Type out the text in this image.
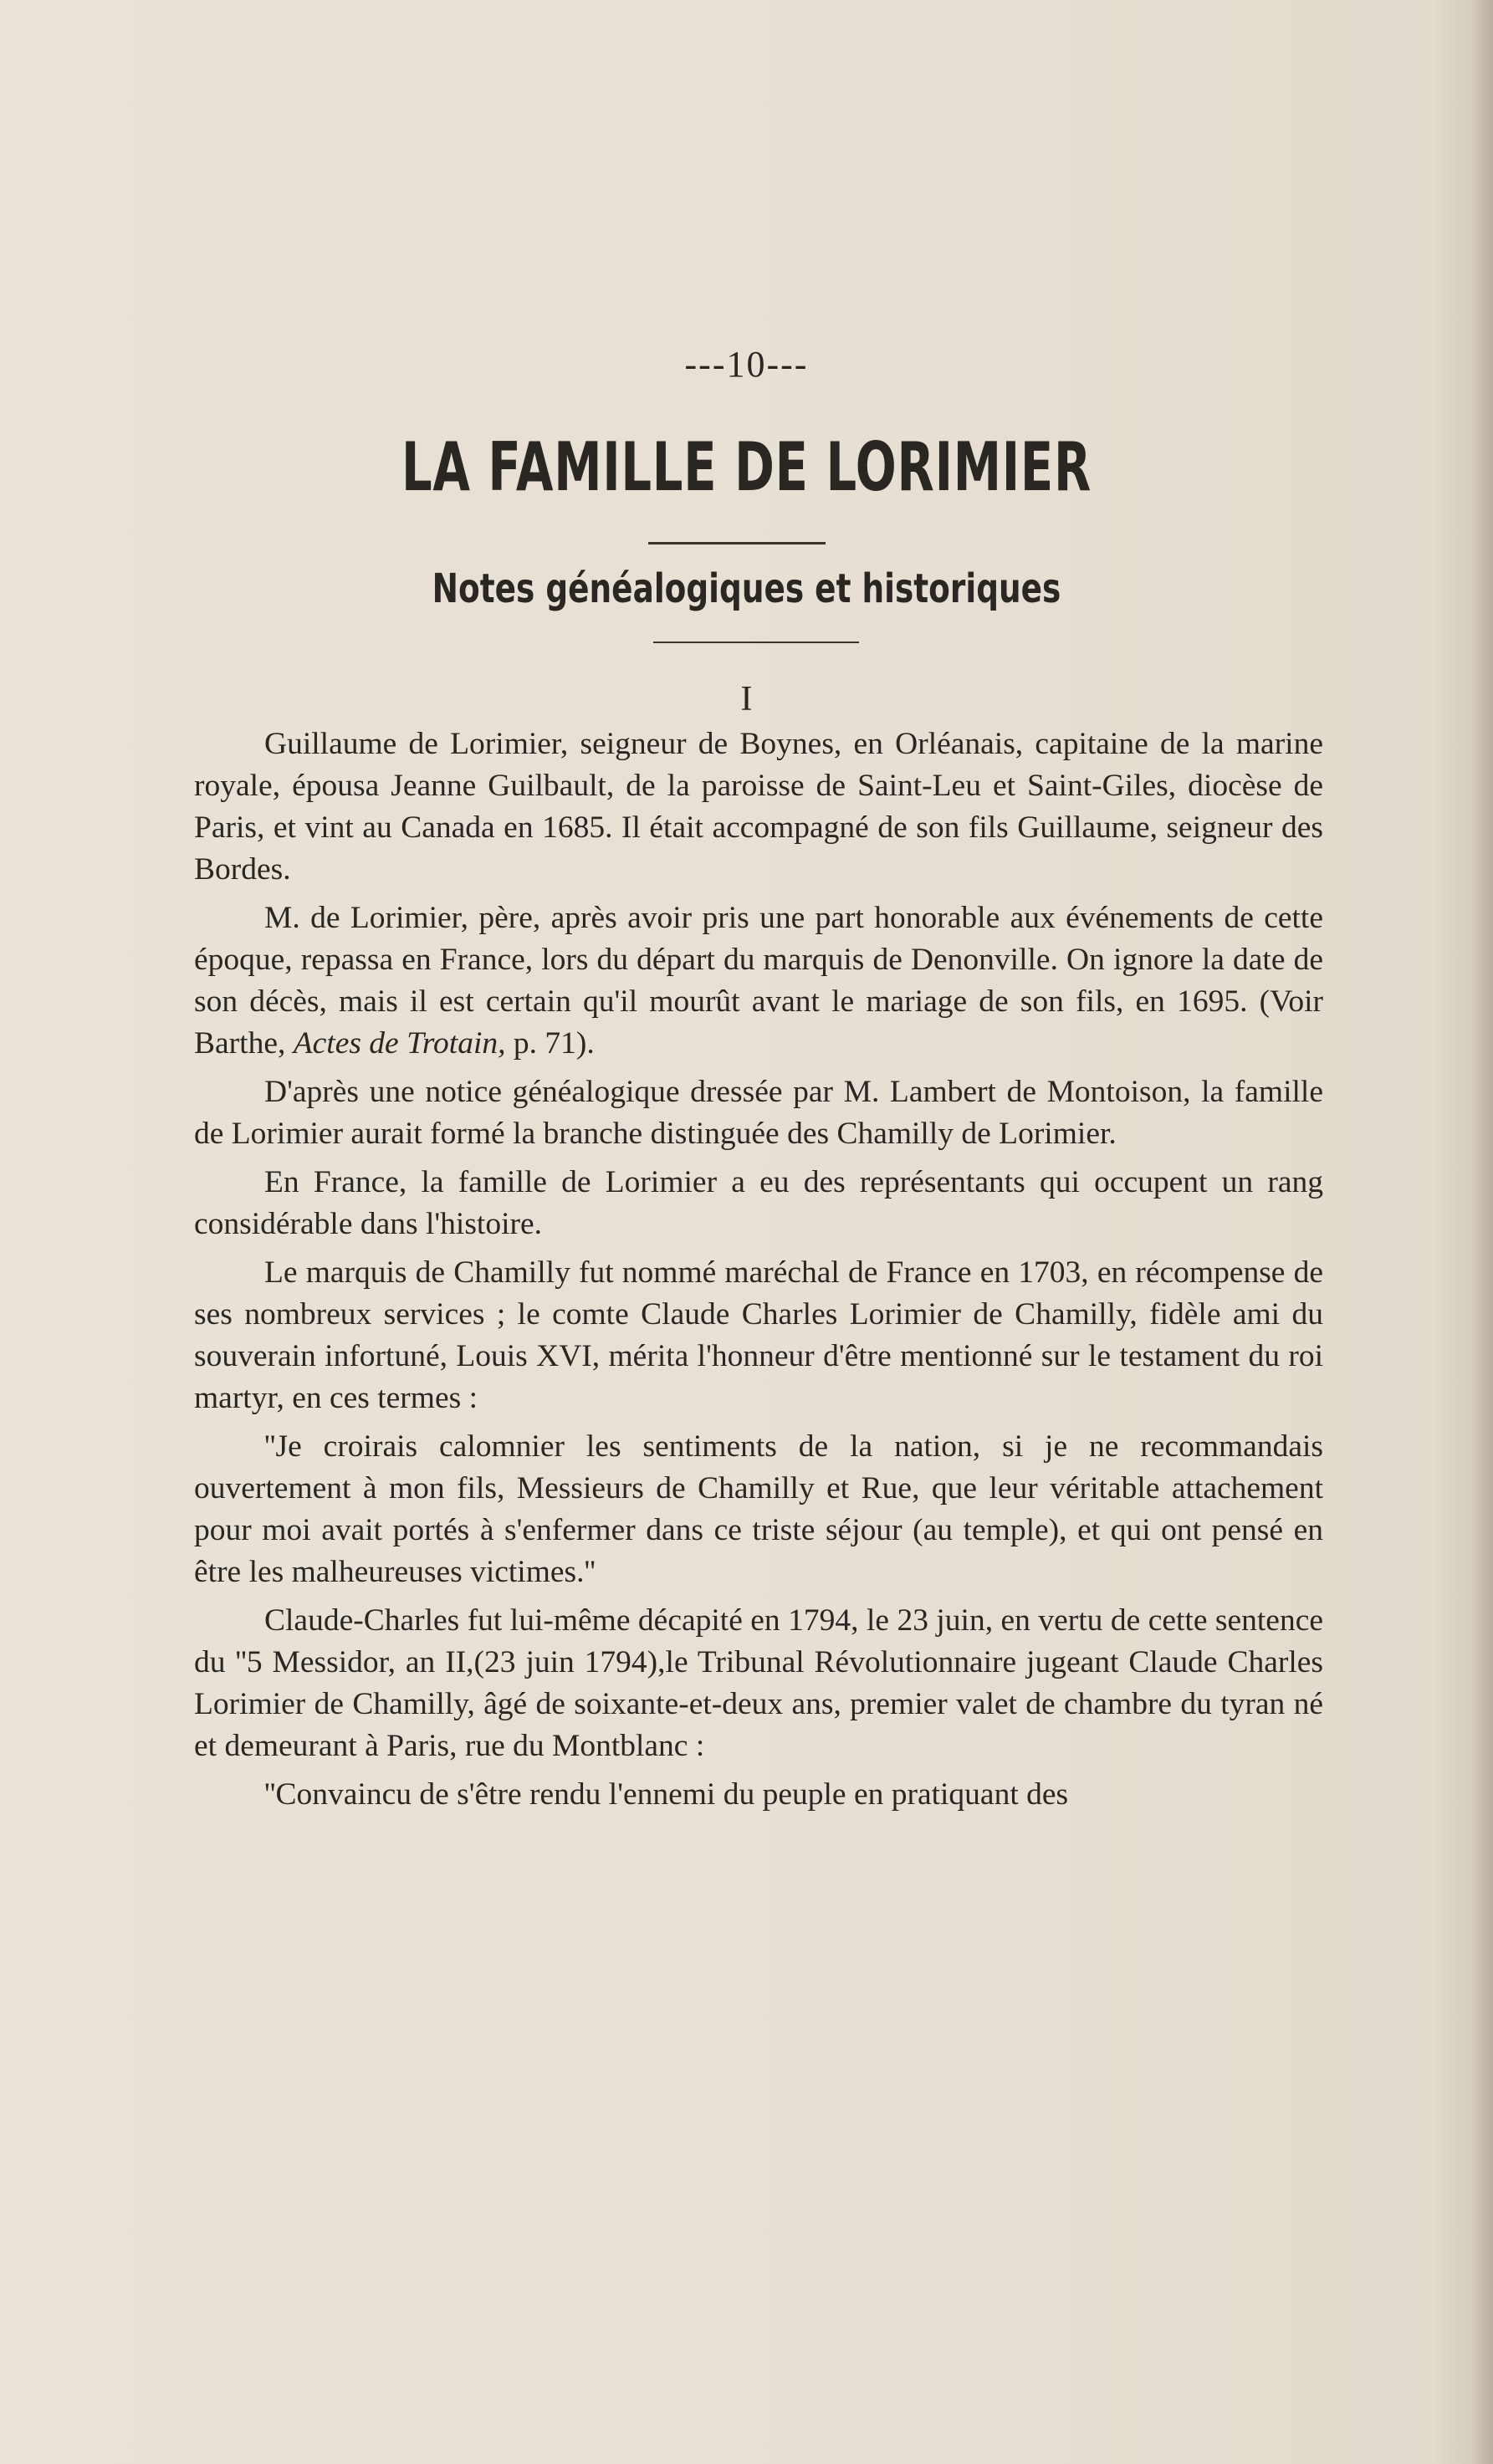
---10---
LA FAMILLE DE LORIMIER
Notes généalogiques et historiques
I

Guillaume de Lorimier, seigneur de Boynes, en Orléanais, capitaine de la marine royale, épousa Jeanne Guilbault, de la paroisse de Saint-Leu et Saint-Giles, diocèse de Paris, et vint au Canada en 1685. Il était accompagné de son fils Guillaume, seigneur des Bordes.

M. de Lorimier, père, après avoir pris une part honorable aux événements de cette époque, repassa en France, lors du départ du marquis de Denonville. On ignore la date de son décès, mais il est certain qu'il mourût avant le mariage de son fils, en 1695. (Voir Barthe, Actes de Trotain, p. 71).

D'après une notice généalogique dressée par M. Lambert de Montoison, la famille de Lorimier aurait formé la branche distinguée des Chamilly de Lorimier.

En France, la famille de Lorimier a eu des représentants qui occupent un rang considérable dans l'histoire.

Le marquis de Chamilly fut nommé maréchal de France en 1703, en récompense de ses nombreux services ; le comte Claude Charles Lorimier de Chamilly, fidèle ami du souverain infortuné, Louis XVI, mérita l'honneur d'être mentionné sur le testament du roi martyr, en ces termes :

''Je croirais calomnier les sentiments de la nation, si je ne recommandais ouvertement à mon fils, Messieurs de Chamilly et Rue, que leur véritable attachement pour moi avait portés à s'enfermer dans ce triste séjour (au temple), et qui ont pensé en être les malheureuses victimes.''

Claude-Charles fut lui-même décapité en 1794, le 23 juin, en vertu de cette sentence du ''5 Messidor, an II,(23 juin 1794),le Tribunal Révolutionnaire jugeant Claude Charles Lorimier de Chamilly, âgé de soixante-et-deux ans, premier valet de chambre du tyran né et demeurant à Paris, rue du Montblanc :

''Convaincu de s'être rendu l'ennemi du peuple en pratiquant des
